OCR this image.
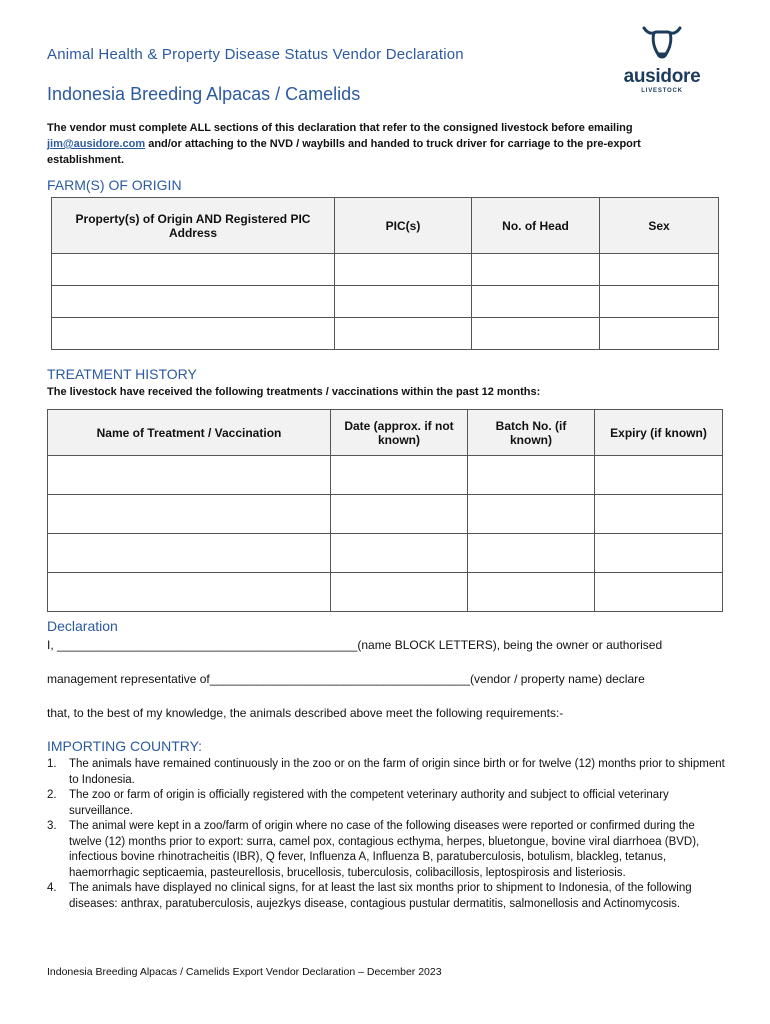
Animal Health & Property Disease Status Vendor Declaration
Indonesia Breeding Alpacas / Camelids
ausidore
LIVESTOCK
The vendor must complete ALL sections of this declaration that refer to the consigned livestock before emailing jim@ausidore.com and/or attaching to the NVD / waybills and handed to truck driver for carriage to the pre-export establishment.
FARM(S) OF ORIGIN
Property(s) of Origin AND Registered PIC Address	PIC(s)	No. of Head	Sex

TREATMENT HISTORY
The livestock have received the following treatments / vaccinations within the past 12 months:
Name of Treatment / Vaccination	Date (approx. if not known)	Batch No. (if known)	Expiry (if known)

Declaration
I, _____________________________________________(name BLOCK LETTERS), being the owner or authorised
management representative of_______________________________________(vendor / property name) declare
that, to the best of my knowledge, the animals described above meet the following requirements:-
IMPORTING COUNTRY:
1.	The animals have remained continuously in the zoo or on the farm of origin since birth or for twelve (12) months prior to shipment to Indonesia.
2.	The zoo or farm of origin is officially registered with the competent veterinary authority and subject to official veterinary surveillance.
3.	The animal were kept in a zoo/farm of origin where no case of the following diseases were reported or confirmed during the twelve (12) months prior to export: surra, camel pox, contagious ecthyma, herpes, bluetongue, bovine viral diarrhoea (BVD), infectious bovine rhinotracheitis (IBR), Q fever, Influenza A, Influenza B, paratuberculosis, botulism, blackleg, tetanus, haemorrhagic septicaemia, pasteurellosis, brucellosis, tuberculosis, colibacillosis, leptospirosis and listeriosis.
4.	The animals have displayed no clinical signs, for at least the last six months prior to shipment to Indonesia, of the following diseases: anthrax, paratuberculosis, aujezkys disease, contagious pustular dermatitis, salmonellosis and Actinomycosis.
Indonesia Breeding Alpacas / Camelids Export Vendor Declaration – December 2023
